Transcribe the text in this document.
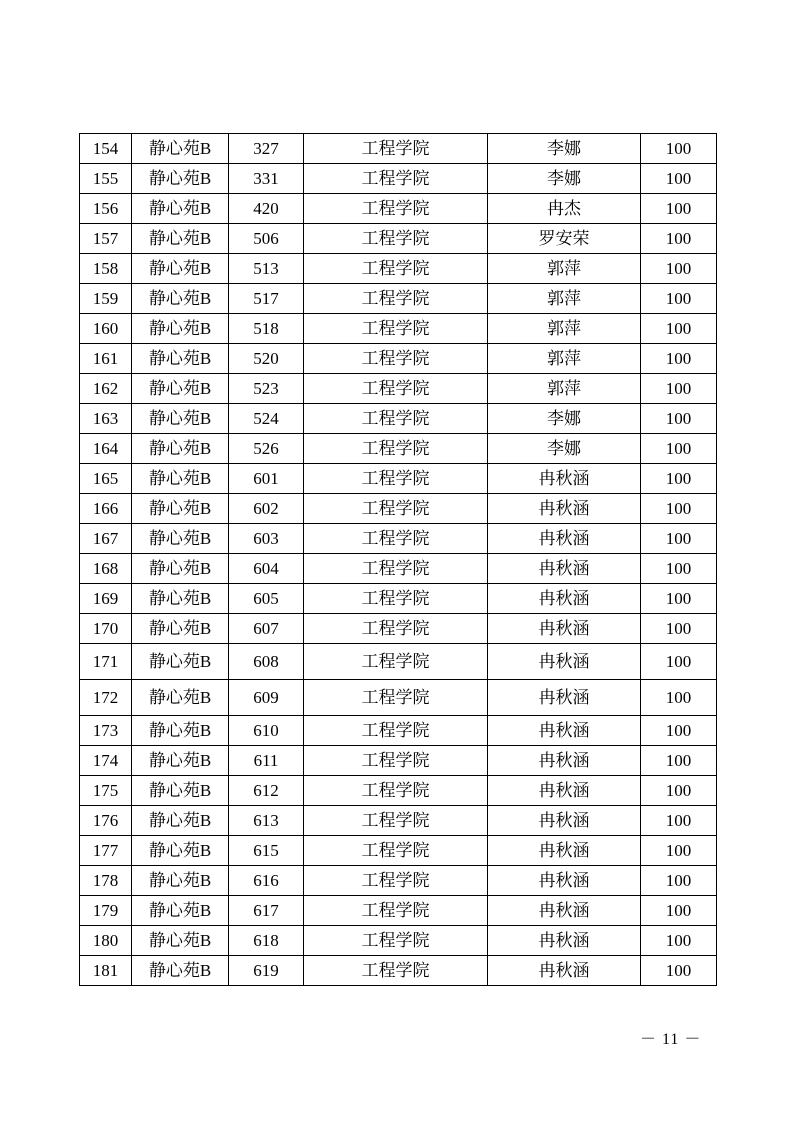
154	静心苑B	327	工程学院	李娜	100
155	静心苑B	331	工程学院	李娜	100
156	静心苑B	420	工程学院	冉杰	100
157	静心苑B	506	工程学院	罗安荣	100
158	静心苑B	513	工程学院	郭萍	100
159	静心苑B	517	工程学院	郭萍	100
160	静心苑B	518	工程学院	郭萍	100
161	静心苑B	520	工程学院	郭萍	100
162	静心苑B	523	工程学院	郭萍	100
163	静心苑B	524	工程学院	李娜	100
164	静心苑B	526	工程学院	李娜	100
165	静心苑B	601	工程学院	冉秋涵	100
166	静心苑B	602	工程学院	冉秋涵	100
167	静心苑B	603	工程学院	冉秋涵	100
168	静心苑B	604	工程学院	冉秋涵	100
169	静心苑B	605	工程学院	冉秋涵	100
170	静心苑B	607	工程学院	冉秋涵	100
171	静心苑B	608	工程学院	冉秋涵	100
172	静心苑B	609	工程学院	冉秋涵	100
173	静心苑B	610	工程学院	冉秋涵	100
174	静心苑B	611	工程学院	冉秋涵	100
175	静心苑B	612	工程学院	冉秋涵	100
176	静心苑B	613	工程学院	冉秋涵	100
177	静心苑B	615	工程学院	冉秋涵	100
178	静心苑B	616	工程学院	冉秋涵	100
179	静心苑B	617	工程学院	冉秋涵	100
180	静心苑B	618	工程学院	冉秋涵	100
181	静心苑B	619	工程学院	冉秋涵	100
－ 11 －
